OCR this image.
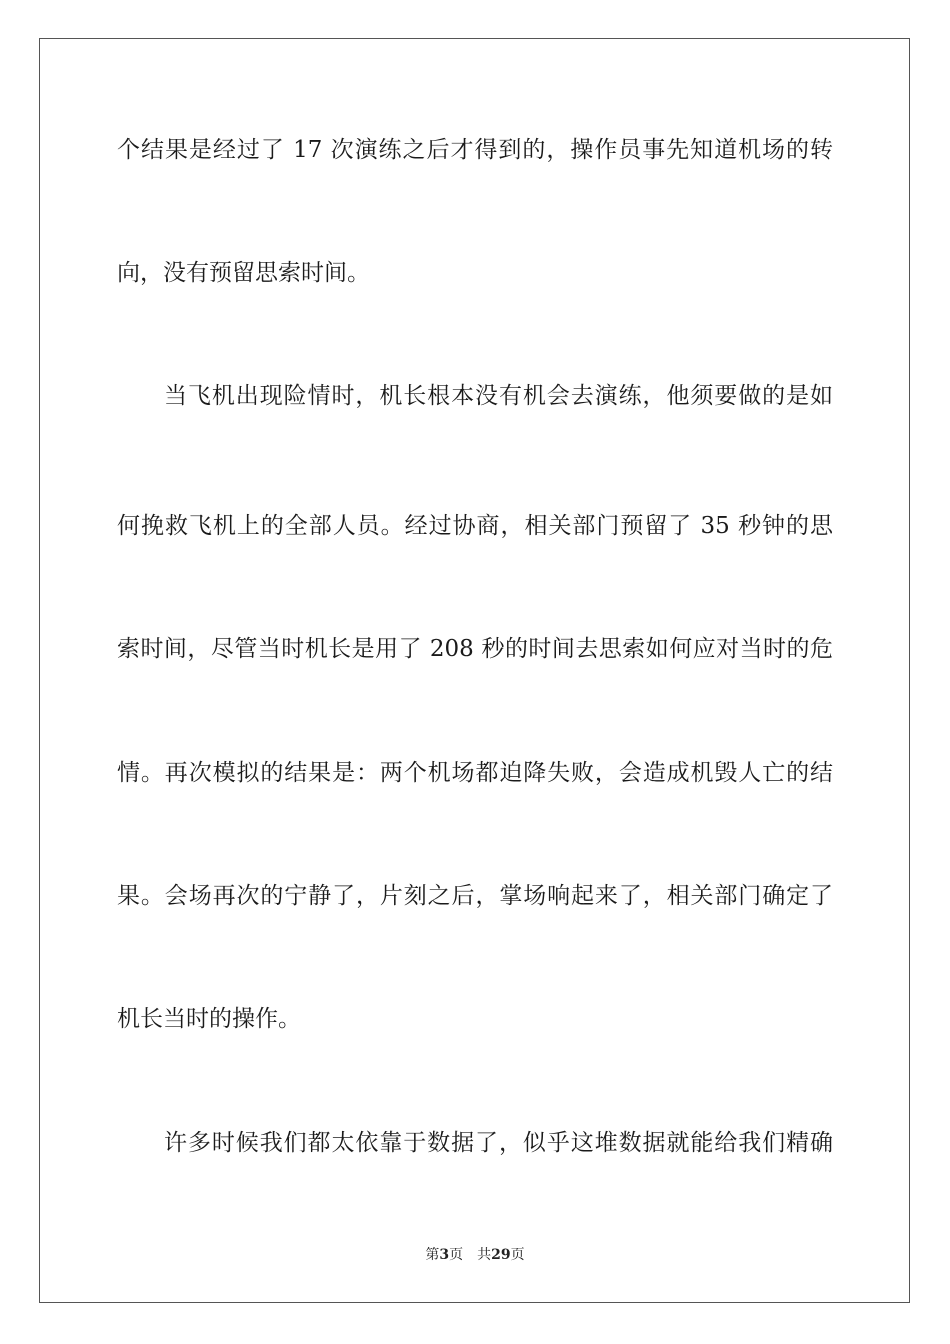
个结果是经过了 17 次演练之后才得到的，操作员事先知道机场的转
向，没有预留思索时间。
当飞机出现险情时，机长根本没有机会去演练，他须要做的是如
何挽救飞机上的全部人员。经过协商，相关部门预留了 35 秒钟的思
索时间，尽管当时机长是用了 208 秒的时间去思索如何应对当时的危
情。再次模拟的结果是：两个机场都迫降失败，会造成机毁人亡的结
果。会场再次的宁静了，片刻之后，掌场响起来了，相关部门确定了
机长当时的操作。
许多时候我们都太依靠于数据了，似乎这堆数据就能给我们精确
第3页 共29页
